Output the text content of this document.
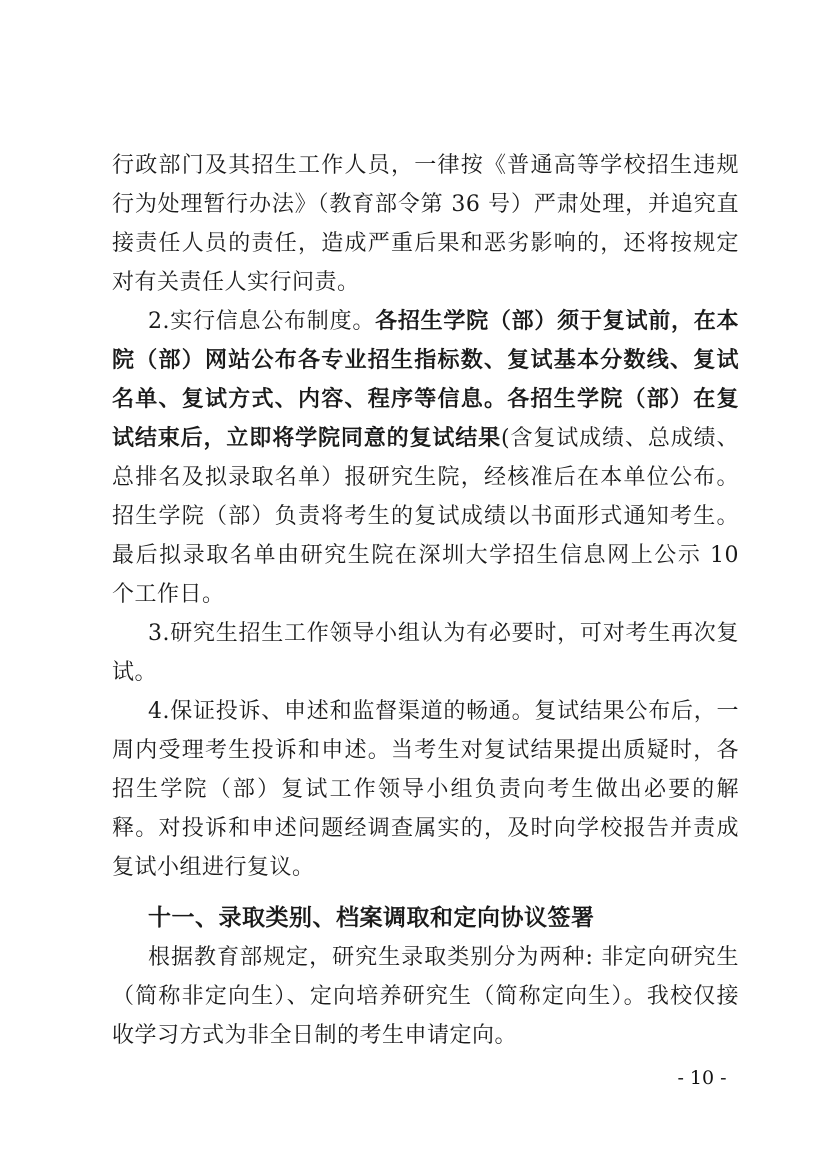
行政部门及其招生工作人员，一律按《普通高等学校招生违规行为处理暂行办法》（教育部令第 36 号）严肃处理，并追究直接责任人员的责任，造成严重后果和恶劣影响的，还将按规定对有关责任人实行问责。

2.实行信息公布制度。各招生学院（部）须于复试前，在本院（部）网站公布各专业招生指标数、复试基本分数线、复试名单、复试方式、内容、程序等信息。各招生学院（部）在复试结束后，立即将学院同意的复试结果(含复试成绩、总成绩、总排名及拟录取名单）报研究生院，经核准后在本单位公布。招生学院（部）负责将考生的复试成绩以书面形式通知考生。最后拟录取名单由研究生院在深圳大学招生信息网上公示 10 个工作日。

3.研究生招生工作领导小组认为有必要时，可对考生再次复试。

4.保证投诉、申述和监督渠道的畅通。复试结果公布后，一周内受理考生投诉和申述。当考生对复试结果提出质疑时，各招生学院（部）复试工作领导小组负责向考生做出必要的解释。对投诉和申述问题经调查属实的，及时向学校报告并责成复试小组进行复议。

十一、录取类别、档案调取和定向协议签署

根据教育部规定，研究生录取类别分为两种: 非定向研究生（简称非定向生）、定向培养研究生（简称定向生）。我校仅接收学习方式为非全日制的考生申请定向。

- 10 -
